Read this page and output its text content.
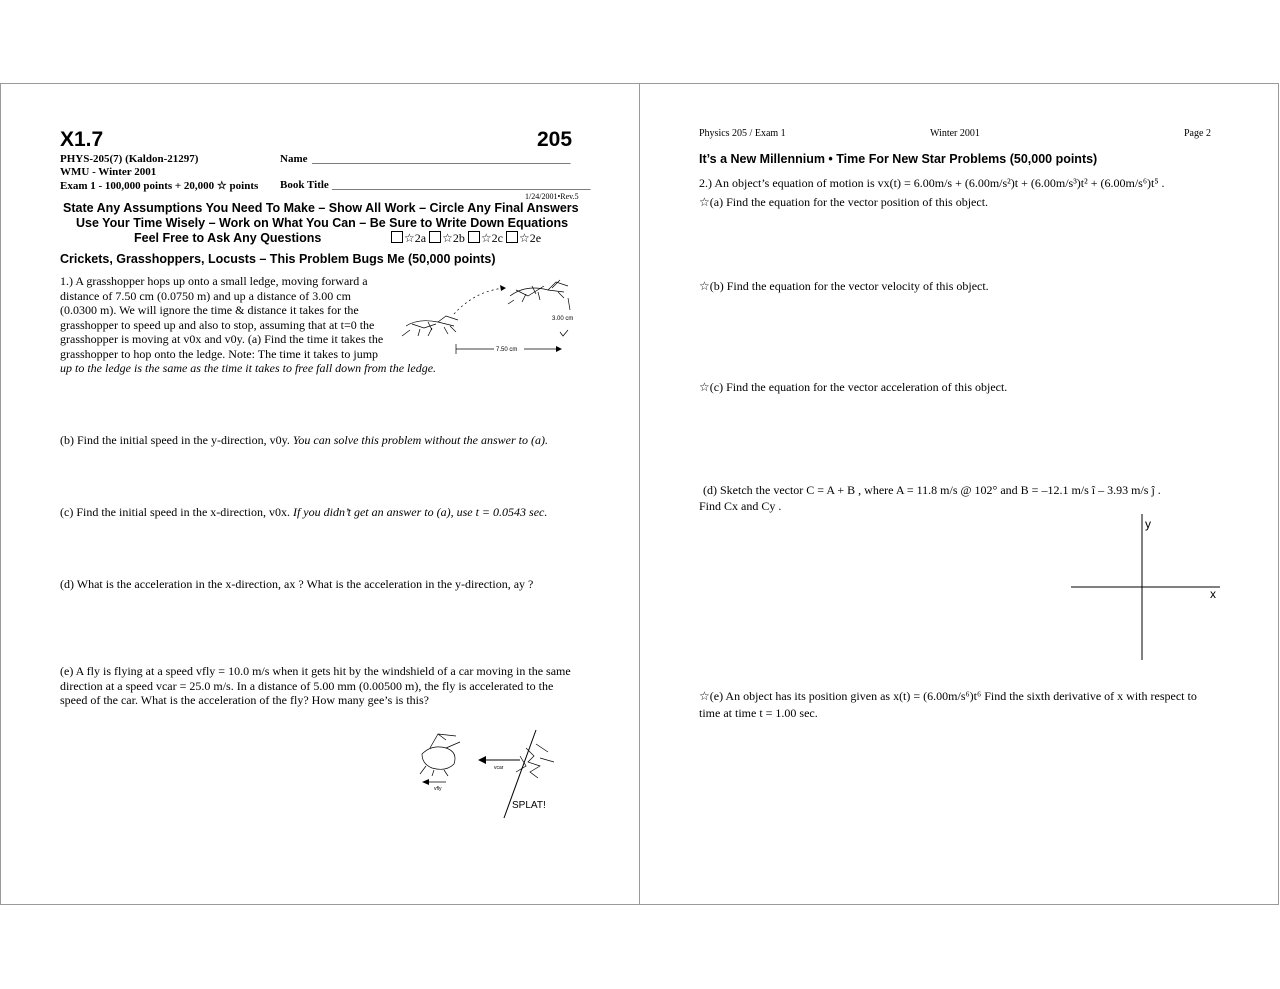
X1.7	205
PHYS-205(7) (Kaldon-21297)	Name _______________________________________________
WMU - Winter 2001
Exam 1 - 100,000 points + 20,000 ☆ points Book Title _______________________________________________
1/24/2001•Rev.5
State Any Assumptions You Need To Make – Show All Work – Circle Any Final Answers
Use Your Time Wisely – Work on What You Can – Be Sure to Write Down Equations
Feel Free to Ask Any Questions	☆2a ☆2b ☆2c ☆2e
Crickets, Grasshoppers, Locusts – This Problem Bugs Me (50,000 points)
1.) A grasshopper hops up onto a small ledge, moving forward a
distance of 7.50 cm (0.0750 m) and up a distance of 3.00 cm
(0.0300 m). We will ignore the time & distance it takes for the
grasshopper to speed up and also to stop, assuming that at t=0 the
grasshopper is moving at v0x and v0y. (a) Find the time it takes the
grasshopper to hop onto the ledge. Note: The time it takes to jump
up to the ledge is the same as the time it takes to free fall down from the ledge.
3.00 cm
7.50 cm
(b) Find the initial speed in the y-direction, v0y. You can solve this problem without the answer to (a).
(c) Find the initial speed in the x-direction, v0x. If you didn’t get an answer to (a), use t = 0.0543 sec.
(d) What is the acceleration in the x-direction, ax ? What is the acceleration in the y-direction, ay ?
(e) A fly is flying at a speed vfly = 10.0 m/s when it gets hit by the windshield of a car moving in the same
direction at a speed vcar = 25.0 m/s. In a distance of 5.00 mm (0.00500 m), the fly is accelerated to the
speed of the car. What is the acceleration of the fly? How many gee’s is this?
vfly
vcar
SPLAT!
Physics 205 / Exam 1	Winter 2001	Page 2
It’s a New Millennium • Time For New Star Problems (50,000 points)
2.) An object’s equation of motion is vx(t) = 6.00m/s + (6.00m/s²)t + (6.00m/s³)t² + (6.00m/s⁶)t⁵ .
☆(a) Find the equation for the vector position of this object.
☆(b) Find the equation for the vector velocity of this object.
☆(c) Find the equation for the vector acceleration of this object.
(d) Sketch the vector C = A + B , where A = 11.8 m/s @ 102° and B = –12.1 m/s î – 3.93 m/s ĵ .
Find Cx and Cy .
y
x
☆(e) An object has its position given as x(t) = (6.00m/s⁶)t⁶ Find the sixth derivative of x with respect to
time at time t = 1.00 sec.
